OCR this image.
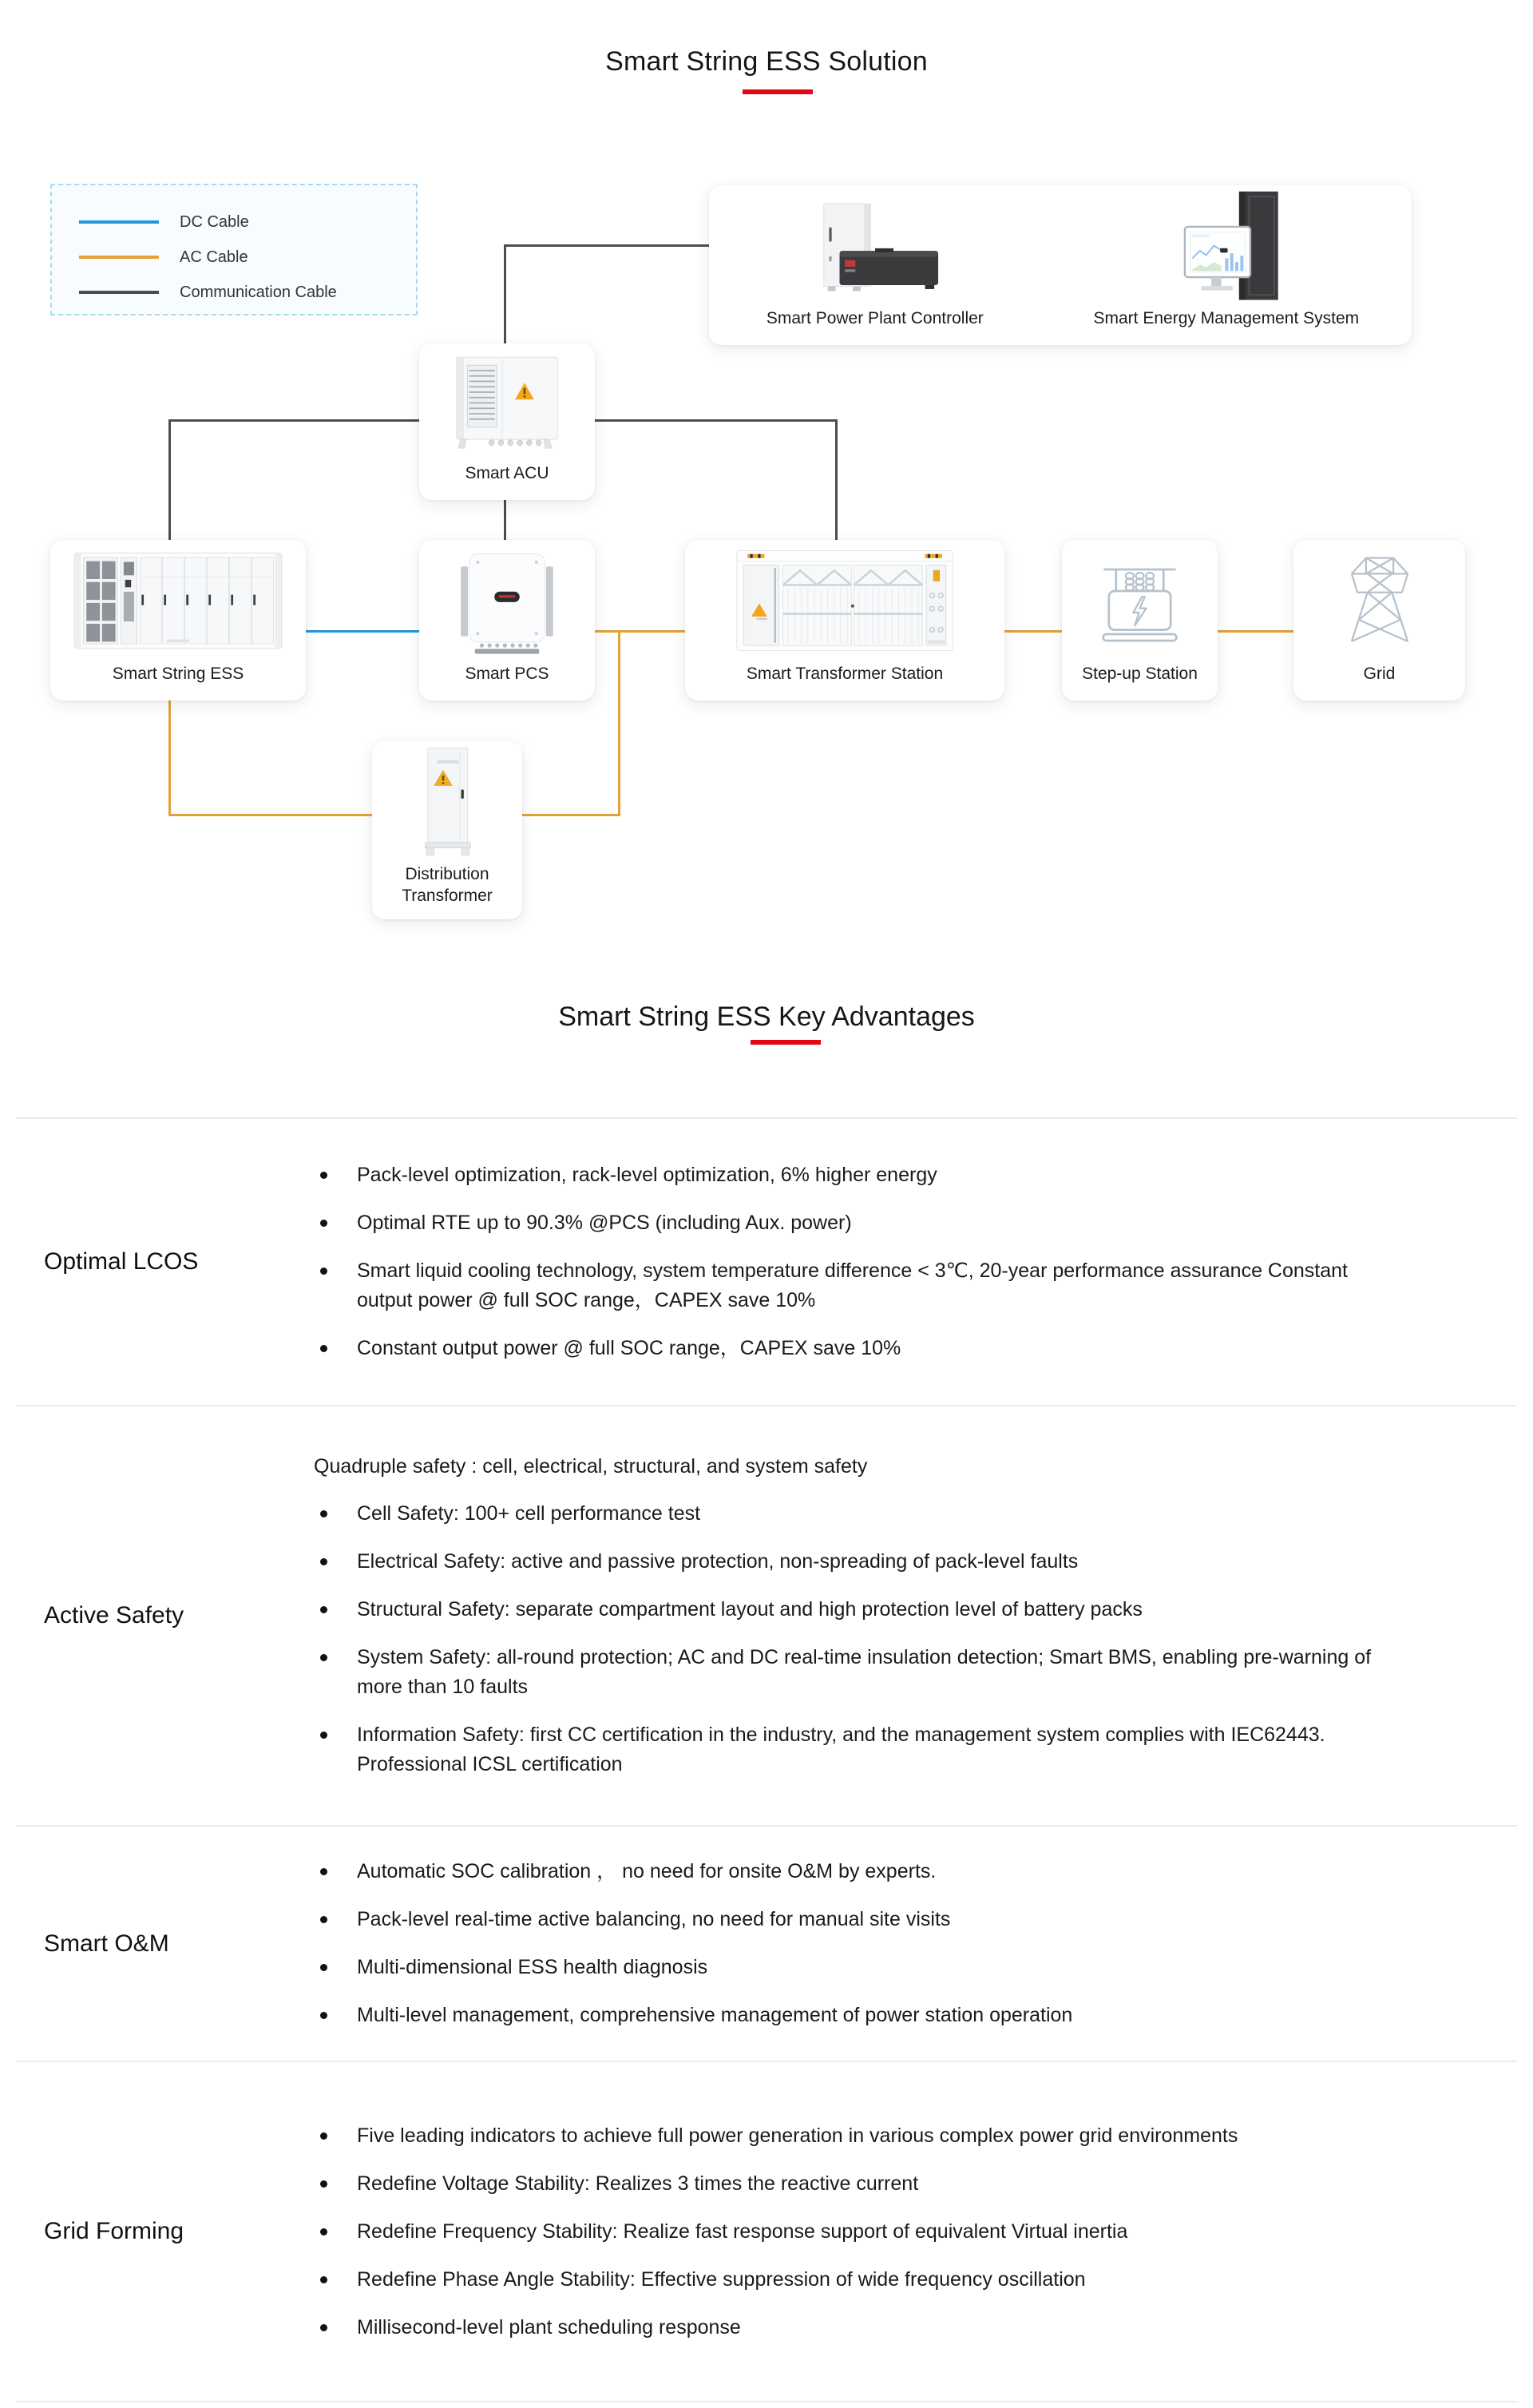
Smart String ESS Solution
DC Cable
AC Cable
Communication Cable
Smart Power Plant Controller	Smart Energy Management System
Smart ACU
Smart String ESS	Smart PCS	Smart Transformer Station	Step-up Station	Grid
Distribution Transformer
Smart String ESS Key Advantages
Optimal LCOS
Pack-level optimization, rack-level optimization, 6% higher energy
Optimal RTE up to 90.3% @PCS (including Aux. power)
Smart liquid cooling technology, system temperature difference < 3℃, 20-year performance assurance Constant output power @ full SOC range，CAPEX save 10%
Constant output power @ full SOC range，CAPEX save 10%
Active Safety
Quadruple safety : cell, electrical, structural, and system safety
Cell Safety: 100+ cell performance test
Electrical Safety: active and passive protection, non-spreading of pack-level faults
Structural Safety: separate compartment layout and high protection level of battery packs
System Safety: all-round protection; AC and DC real-time insulation detection; Smart BMS, enabling pre-warning of more than 10 faults
Information Safety: first CC certification in the industry, and the management system complies with IEC62443. Professional ICSL certification
Smart O&M
Automatic SOC calibration ， no need for onsite O&M by experts.
Pack-level real-time active balancing, no need for manual site visits
Multi-dimensional ESS health diagnosis
Multi-level management, comprehensive management of power station operation
Grid Forming
Five leading indicators to achieve full power generation in various complex power grid environments
Redefine Voltage Stability: Realizes 3 times the reactive current
Redefine Frequency Stability: Realize fast response support of equivalent Virtual inertia
Redefine Phase Angle Stability: Effective suppression of wide frequency oscillation
Millisecond-level plant scheduling response
